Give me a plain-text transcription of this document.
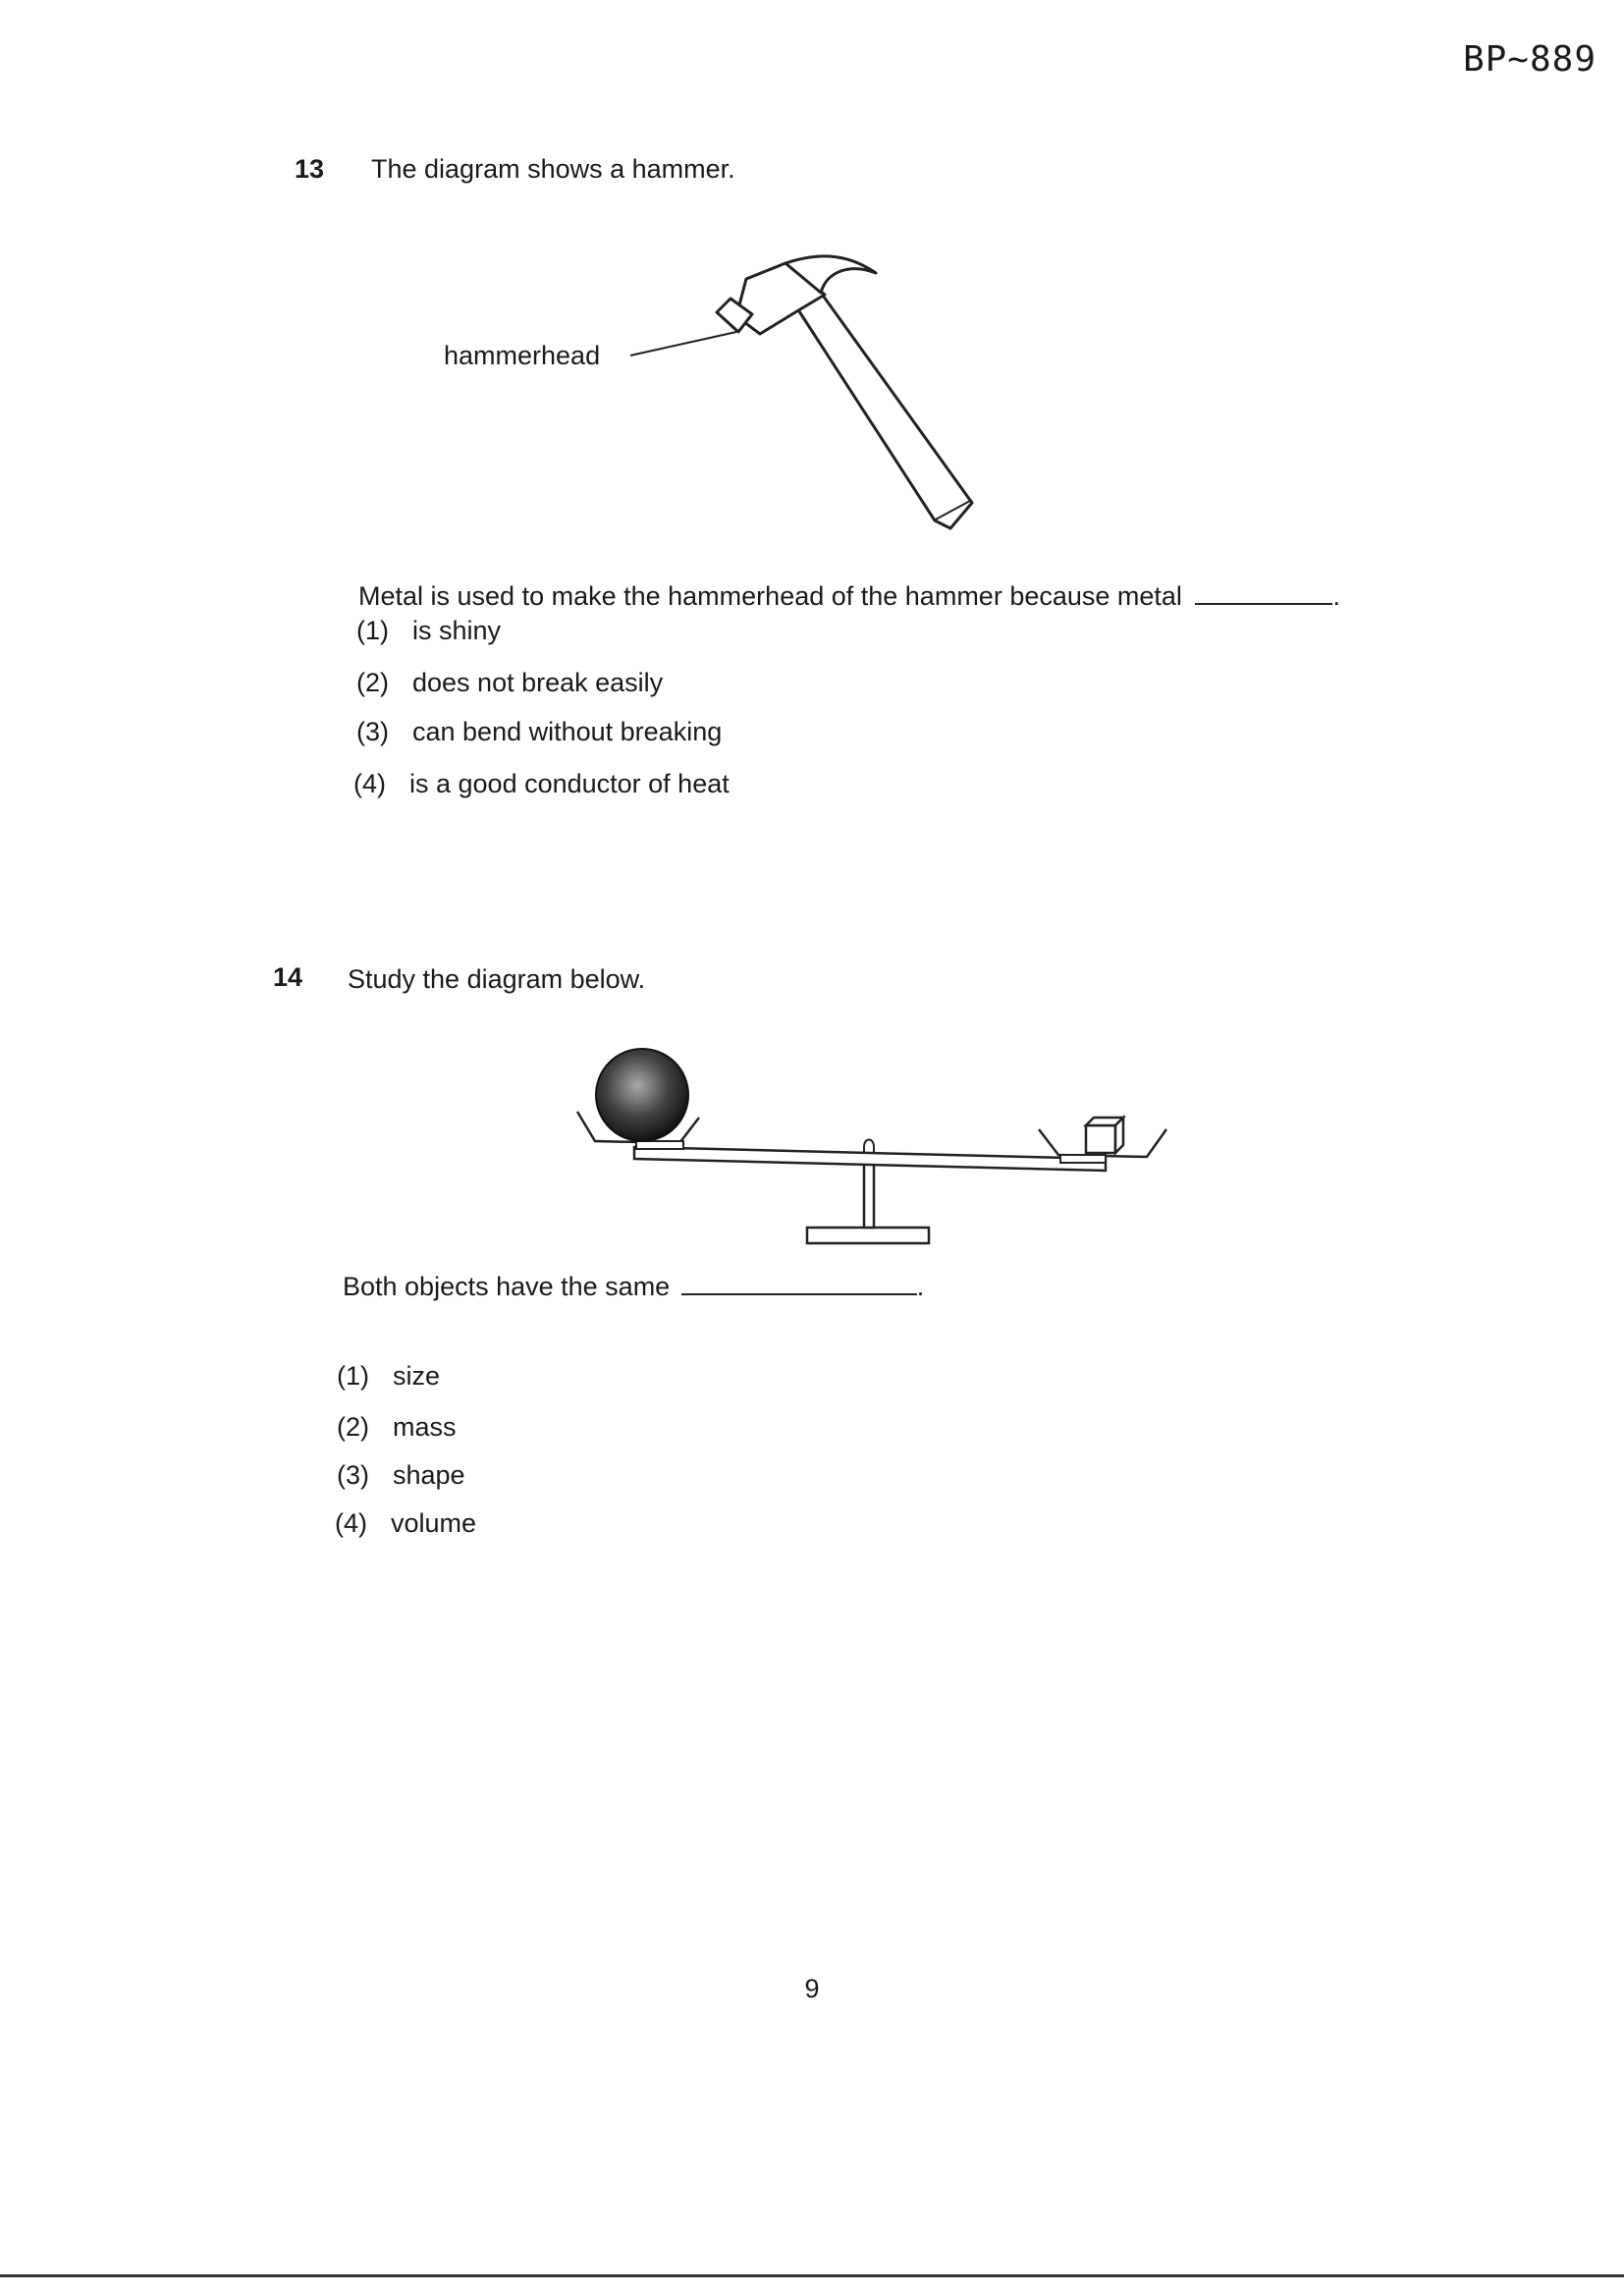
BP~889
13 The diagram shows a hammer.
hammerhead
Metal is used to make the hammerhead of the hammer because metal	.
(1) is shiny
(2) does not break easily
(3) can bend without breaking
(4) is a good conductor of heat
14 Study the diagram below.
Both objects have the same	.
(1) size
(2) mass
(3) shape
(4) volume
9
